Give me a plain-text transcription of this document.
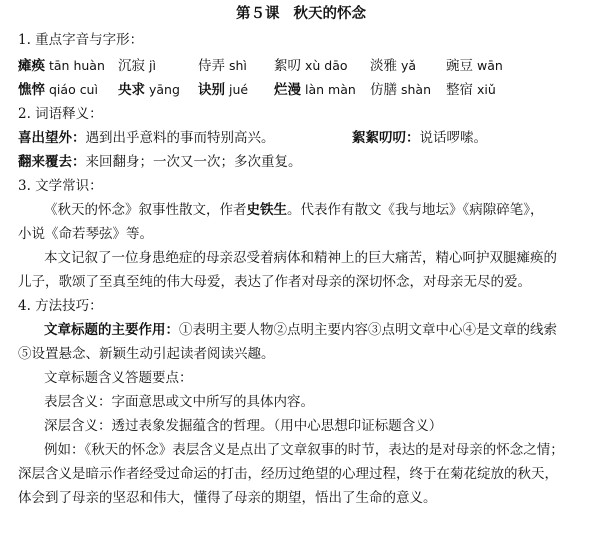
第５课 秋天的怀念
1. 重点字音与字形：
瘫痪 tān huàn 沉寂 jì	侍弄 shì 絮叨 xù dāo 淡雅 yǎ 豌豆 wān
憔悴 qiáo cuì 央求 yāng 诀别 jué 烂漫 làn màn 仿膳 shàn 整宿 xiǔ
2. 词语释义：
喜出望外：遇到出乎意料的事而特别高兴。	絮絮叨叨：说话啰嗦。
翻来覆去：来回翻身；一次又一次；多次重复。
3. 文学常识：
《秋天的怀念》叙事性散文，作者史铁生。代表作有散文《我与地坛》《病隙碎笔》，
小说《命若琴弦》等。
本文记叙了一位身患绝症的母亲忍受着病体和精神上的巨大痛苦，精心呵护双腿瘫痪的
儿子，歌颂了至真至纯的伟大母爱，表达了作者对母亲的深切怀念，对母亲无尽的爱。
4. 方法技巧：
文章标题的主要作用：①表明主要人物②点明主要内容③点明文章中心④是文章的线索
⑤设置悬念、新颖生动引起读者阅读兴趣。
文章标题含义答题要点：
表层含义：字面意思或文中所写的具体内容。
深层含义：透过表象发掘蕴含的哲理。（用中心思想印证标题含义）
例如：《秋天的怀念》表层含义是点出了文章叙事的时节，表达的是对母亲的怀念之情；
深层含义是暗示作者经受过命运的打击，经历过绝望的心理过程，终于在菊花绽放的秋天，
体会到了母亲的坚忍和伟大，懂得了母亲的期望，悟出了生命的意义。
